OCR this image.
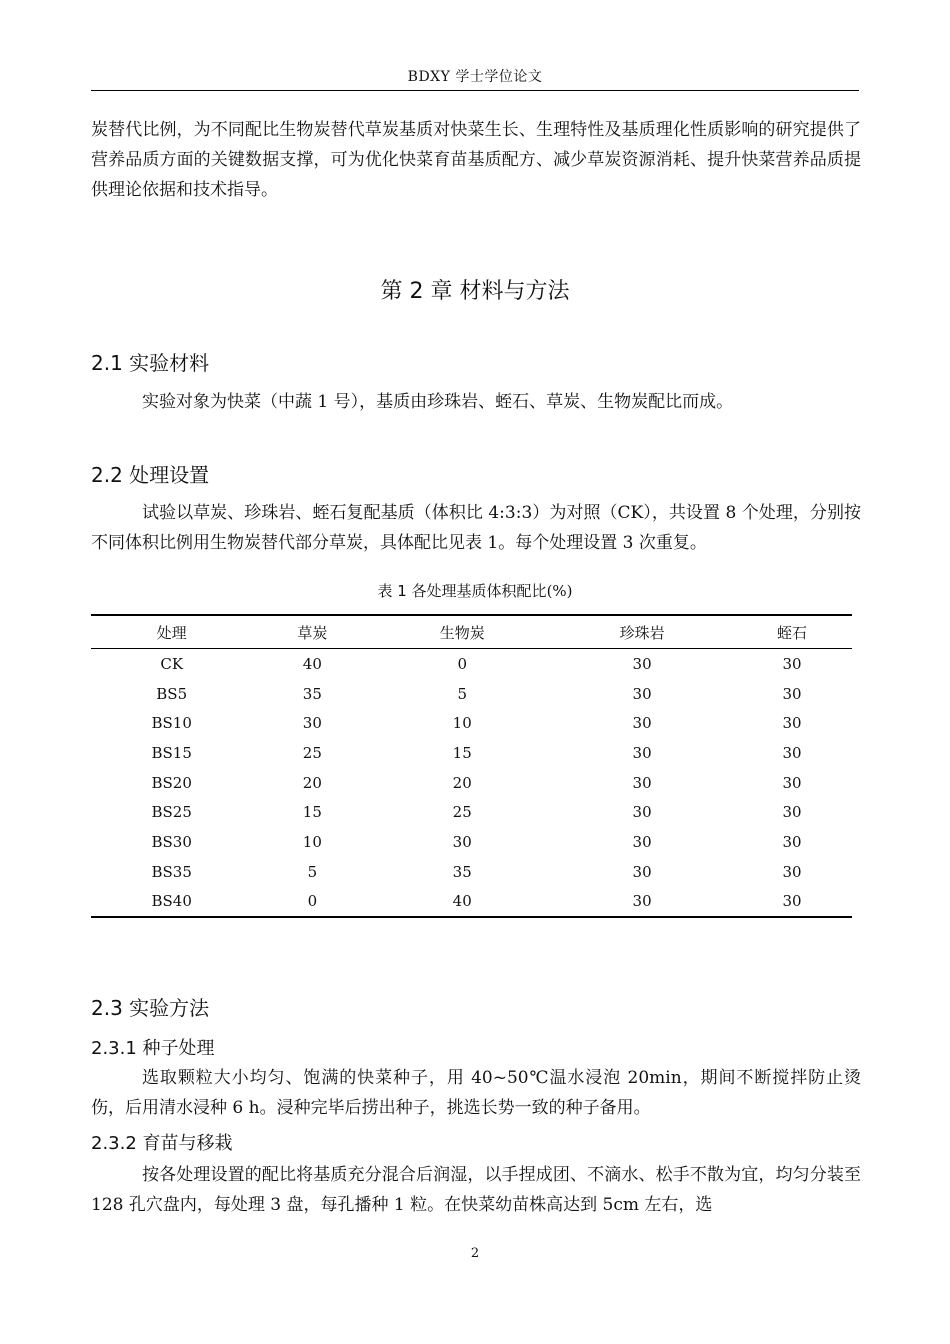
BDXY 学士学位论文
炭替代比例，为不同配比生物炭替代草炭基质对快菜生长、生理特性及基质理化性质影响的研究提供了营养品质方面的关键数据支撑，可为优化快菜育苗基质配方、减少草炭资源消耗、提升快菜营养品质提供理论依据和技术指导。
第 2 章 材料与方法
2.1 实验材料
实验对象为快菜（中蔬 1 号），基质由珍珠岩、蛭石、草炭、生物炭配比而成。
2.2 处理设置
试验以草炭、珍珠岩、蛭石复配基质（体积比 4:3:3）为对照（CK），共设置 8 个处理，分别按不同体积比例用生物炭替代部分草炭，具体配比见表 1。每个处理设置 3 次重复。
表 1 各处理基质体积配比(%)
处理	草炭	生物炭	珍珠岩	蛭石
CK	40	0	30	30
BS5	35	5	30	30
BS10	30	10	30	30
BS15	25	15	30	30
BS20	20	20	30	30
BS25	15	25	30	30
BS30	10	30	30	30
BS35	5	35	30	30
BS40	0	40	30	30
2.3 实验方法
2.3.1 种子处理
选取颗粒大小均匀、饱满的快菜种子，用 40~50℃温水浸泡 20min，期间不断搅拌防止烫伤，后用清水浸种 6 h。浸种完毕后捞出种子，挑选长势一致的种子备用。
2.3.2 育苗与移栽
按各处理设置的配比将基质充分混合后润湿，以手捏成团、不滴水、松手不散为宜，均匀分装至 128 孔穴盘内，每处理 3 盘，每孔播种 1 粒。在快菜幼苗株高达到 5cm 左右，选
2
